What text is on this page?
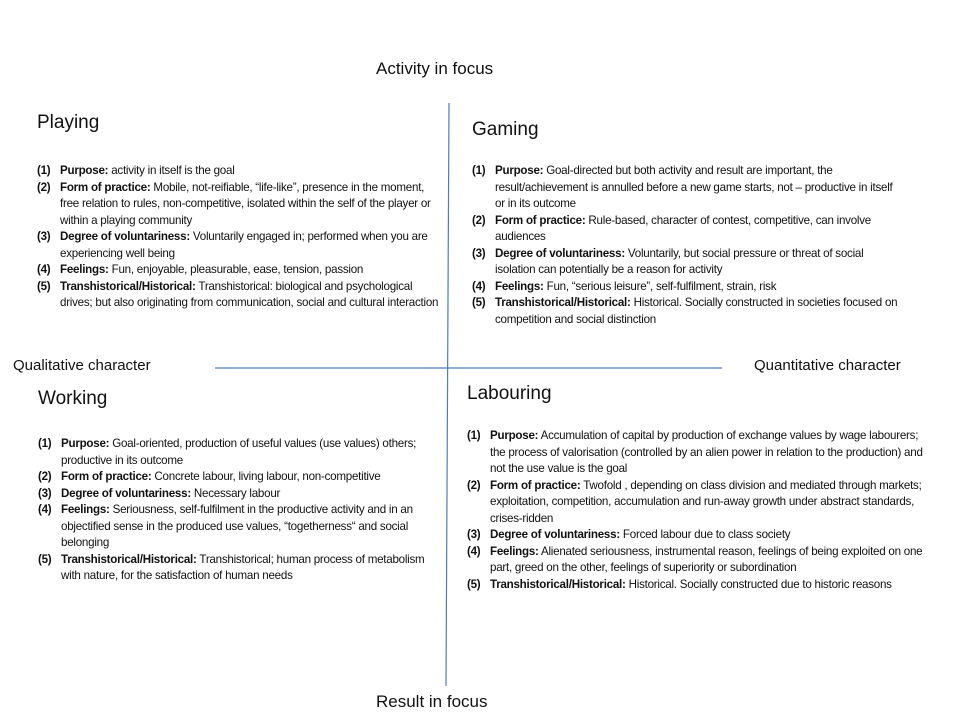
Activity in focus
Result in focus
Qualitative character	Quantitative character
Playing
(1) Purpose: activity in itself is the goal
(2) Form of practice: Mobile, not-reifiable, “life-like”, presence in the moment, free relation to rules, non-competitive, isolated within the self of the player or within a playing community
(3) Degree of voluntariness: Voluntarily engaged in; performed when you are experiencing well being
(4) Feelings: Fun, enjoyable, pleasurable, ease, tension, passion
(5) Transhistorical/Historical: Transhistorical: biological and psychological drives; but also originating from communication, social and cultural interaction
Gaming
(1) Purpose: Goal-directed but both activity and result are important, the result/achievement is annulled before a new game starts, not – productive in itself or in its outcome
(2) Form of practice: Rule-based, character of contest, competitive, can involve audiences
(3) Degree of voluntariness: Voluntarily, but social pressure or threat of social isolation can potentially be a reason for activity
(4) Feelings: Fun, “serious leisure”, self-fulfilment, strain, risk
(5) Transhistorical/Historical: Historical. Socially constructed in societies focused on competition and social distinction
Working
(1) Purpose: Goal-oriented, production of useful values (use values) others; productive in its outcome
(2) Form of practice: Concrete labour, living labour, non-competitive
(3) Degree of voluntariness: Necessary labour
(4) Feelings: Seriousness, self-fulfilment in the productive activity and in an objectified sense in the produced use values, “togetherness“ and social belonging
(5) Transhistorical/Historical: Transhistorical; human process of metabolism with nature, for the satisfaction of human needs
Labouring
(1) Purpose: Accumulation of capital by production of exchange values by wage labourers; the process of valorisation (controlled by an alien power in relation to the production) and not the use value is the goal
(2) Form of practice: Twofold , depending on class division and mediated through markets; exploitation, competition, accumulation and run-away growth under abstract standards, crises-ridden
(3) Degree of voluntariness: Forced labour due to class society
(4) Feelings: Alienated seriousness, instrumental reason, feelings of being exploited on one part, greed on the other, feelings of superiority or subordination
(5) Transhistorical/Historical: Historical. Socially constructed due to historic reasons
